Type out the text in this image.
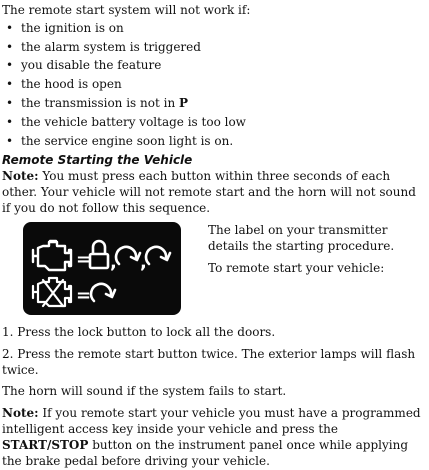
The remote start system will not work if:

• the ignition is on
• the alarm system is triggered
• you disable the feature
• the hood is open
• the transmission is not in P
• the vehicle battery voltage is too low
• the service engine soon light is on.
Remote Starting the Vehicle

Note: You must press each button within three seconds of each other. Your vehicle will not remote start and the horn will not sound if you do not follow this sequence.

= , ,
=

The label on your transmitter details the starting procedure.

To remote start your vehicle:

1. Press the lock button to lock all the doors.

2. Press the remote start button twice. The exterior lamps will flash twice.

The horn will sound if the system fails to start.

Note: If you remote start your vehicle you must have a programmed intelligent access key inside your vehicle and press the START/STOP button on the instrument panel once while applying the brake pedal before driving your vehicle.
